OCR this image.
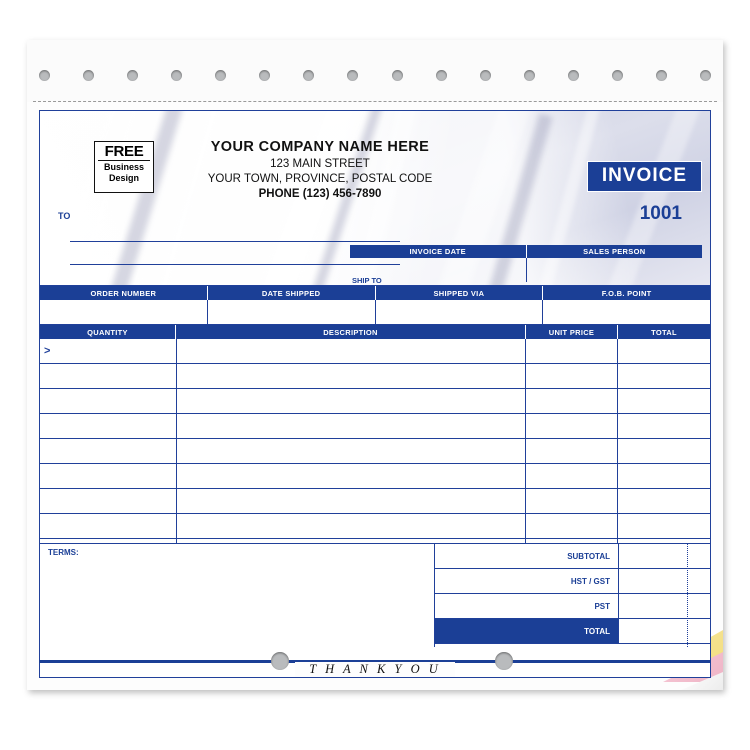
FREE
Business
Design
YOUR COMPANY NAME HERE
123 MAIN STREET
YOUR TOWN, PROVINCE, POSTAL CODE
PHONE (123) 456-7890
INVOICE
1001
TO
INVOICE DATE	SALES PERSON
SHIP TO
ORDER NUMBER	DATE SHIPPED	SHIPPED VIA	F.O.B. POINT
QUANTITY	DESCRIPTION	UNIT PRICE	TOTAL
>
TERMS:	SUBTOTAL
HST / GST
PST
TOTAL
T H A N K Y O U
